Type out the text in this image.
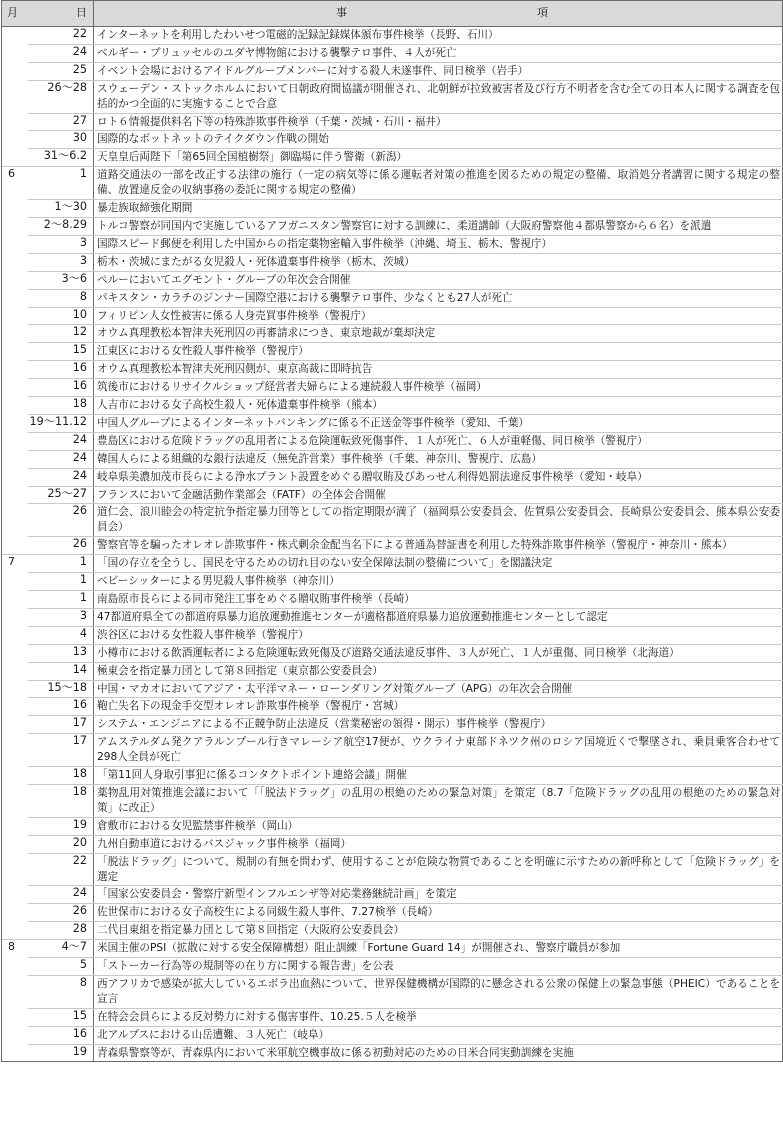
月	日	事 項

	22	インターネットを利用したわいせつ電磁的記録記録媒体頒布事件検挙（長野、石川）
	24	ベルギー・ブリュッセルのユダヤ博物館における襲撃テロ事件、４人が死亡
	25	イベント会場におけるアイドルグループメンバーに対する殺人未遂事件、同日検挙（岩手）
	26～28	スウェーデン・ストックホルムにおいて日朝政府間協議が開催され、北朝鮮が拉致被害者及び行方不明者を含む全ての日本人に関する調査を包括的かつ全面的に実施することで合意
	27	ロト６情報提供料名下等の特殊詐欺事件検挙（千葉・茨城・石川・福井）
	30	国際的なボットネットのテイクダウン作戦の開始
	31～6.2	天皇皇后両陛下「第65回全国植樹祭」御臨場に伴う警衛（新潟）
6	1	道路交通法の一部を改正する法律の施行（一定の病気等に係る運転者対策の推進を図るための規定の整備、取消処分者講習に関する規定の整備、放置違反金の収納事務の委託に関する規定の整備）
	1～30	暴走族取締強化期間
	2～8.29	トルコ警察が同国内で実施しているアフガニスタン警察官に対する訓練に、柔道講師（大阪府警察他４都県警察から６名）を派遣
	3	国際スピード郵便を利用した中国からの指定薬物密輸入事件検挙（沖縄、埼玉、栃木、警視庁）
	3	栃木・茨城にまたがる女児殺人・死体遺棄事件検挙（栃木、茨城）
	3～6	ペルーにおいてエグモント・グループの年次会合開催
	8	パキスタン・カラチのジンナー国際空港における襲撃テロ事件、少なくとも27人が死亡
	10	フィリピン人女性被害に係る人身売買事件検挙（警視庁）
	12	オウム真理教松本智津夫死刑囚の再審請求につき、東京地裁が棄却決定
	15	江東区における女性殺人事件検挙（警視庁）
	16	オウム真理教松本智津夫死刑囚側が、東京高裁に即時抗告
	16	筑後市におけるリサイクルショップ経営者夫婦らによる連続殺人事件検挙（福岡）
	18	人吉市における女子高校生殺人・死体遺棄事件検挙（熊本）
	19～11.12	中国人グループによるインターネットバンキングに係る不正送金等事件検挙（愛知、千葉）
	24	豊島区における危険ドラッグの乱用者による危険運転致死傷事件、１人が死亡、６人が重軽傷、同日検挙（警視庁）
	24	韓国人らによる組織的な銀行法違反（無免許営業）事件検挙（千葉、神奈川、警視庁、広島）
	24	岐阜県美濃加茂市長らによる浄水プラント設置をめぐる贈収賄及びあっせん利得処罰法違反事件検挙（愛知・岐阜）
	25～27	フランスにおいて金融活動作業部会（FATF）の全体会合開催
	26	道仁会、浪川睦会の特定抗争指定暴力団等としての指定期限が満了（福岡県公安委員会、佐賀県公安委員会、長崎県公安委員会、熊本県公安委員会）
	26	警察官等を騙ったオレオレ詐欺事件・株式剰余金配当名下による普通為替証書を利用した特殊詐欺事件検挙（警視庁・神奈川・熊本）
7	1	「国の存立を全うし、国民を守るための切れ目のない安全保障法制の整備について」を閣議決定
	1	ベビーシッターによる男児殺人事件検挙（神奈川）
	1	南島原市長らによる同市発注工事をめぐる贈収賄事件検挙（長崎）
	3	47都道府県全ての都道府県暴力追放運動推進センターが適格都道府県暴力追放運動推進センターとして認定
	4	渋谷区における女性殺人事件検挙（警視庁）
	13	小樽市における飲酒運転者による危険運転致死傷及び道路交通法違反事件、３人が死亡、１人が重傷、同日検挙（北海道）
	14	極東会を指定暴力団として第８回指定（東京都公安委員会）
	15～18	中国・マカオにおいてアジア・太平洋マネー・ローンダリング対策グループ（APG）の年次会合開催
	16	鞄亡失名下の現金手交型オレオレ詐欺事件検挙（警視庁・宮城）
	17	システム・エンジニアによる不正競争防止法違反（営業秘密の領得・開示）事件検挙（警視庁）
	17	アムステルダム発クアラルンプール行きマレーシア航空17便が、ウクライナ東部ドネツク州のロシア国境近くで撃墜され、乗員乗客合わせて298人全員が死亡
	18	「第11回人身取引事犯に係るコンタクトポイント連絡会議」開催
	18	薬物乱用対策推進会議において「「脱法ドラッグ」の乱用の根絶のための緊急対策」を策定（8.7「危険ドラッグの乱用の根絶のための緊急対策」に改正）
	19	倉敷市における女児監禁事件検挙（岡山）
	20	九州自動車道におけるバスジャック事件検挙（福岡）
	22	「脱法ドラッグ」について、規制の有無を問わず、使用することが危険な物質であることを明確に示すための新呼称として「危険ドラッグ」を選定
	24	「国家公安委員会・警察庁新型インフルエンザ等対応業務継続計画」を策定
	26	佐世保市における女子高校生による同級生殺人事件、7.27検挙（長崎）
	28	二代目東組を指定暴力団として第８回指定（大阪府公安委員会）
8	4～7	米国主催のPSI（拡散に対する安全保障構想）阻止訓練「Fortune Guard 14」が開催され、警察庁職員が参加
	5	「ストーカー行為等の規制等の在り方に関する報告書」を公表
	8	西アフリカで感染が拡大しているエボラ出血熱について、世界保健機構が国際的に懸念される公衆の保健上の緊急事態（PHEIC）であることを宣言
	15	在特会会員らによる反対勢力に対する傷害事件、10.25.５人を検挙
	16	北アルプスにおける山岳遭難、３人死亡（岐阜）
	19	青森県警察等が、青森県内において米軍航空機事故に係る初動対応のための日米合同実動訓練を実施
